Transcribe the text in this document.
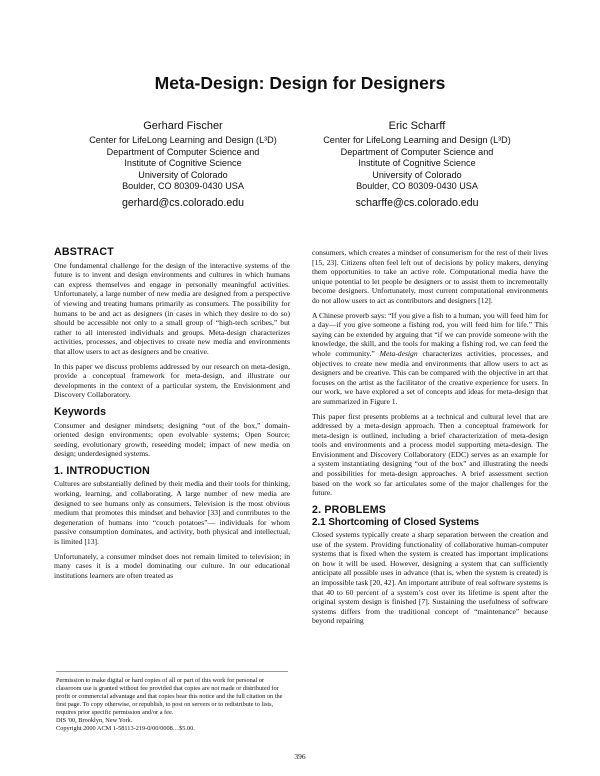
Meta-Design: Design for Designers
Gerhard Fischer
Center for LifeLong Learning and Design (L³D)
Department of Computer Science and
Institute of Cognitive Science
University of Colorado
Boulder, CO 80309-0430 USA
gerhard@cs.colorado.edu
Eric Scharff
Center for LifeLong Learning and Design (L³D)
Department of Computer Science and
Institute of Cognitive Science
University of Colorado
Boulder, CO 80309-0430 USA
scharffe@cs.colorado.edu
ABSTRACT

One fundamental challenge for the design of the interactive systems of the future is to invent and design environments and cultures in which humans can express themselves and engage in personally meaningful activities. Unfortunately, a large number of new media are designed from a perspective of viewing and treating humans primarily as consumers. The possibility for humans to be and act as designers (in cases in which they desire to do so) should be accessible not only to a small group of “high-tech scribes,” but rather to all interested individuals and groups. Meta-design characterizes activities, processes, and objectives to create new media and environments that allow users to act as designers and be creative.

In this paper we discuss problems addressed by our research on meta-design, provide a conceptual framework for meta-design, and illustrate our developments in the context of a particular system, the Envisionment and Discovery Collaboratory.

Keywords

Consumer and designer mindsets; designing “out of the box,” domain-oriented design environments; open evolvable systems; Open Source; seeding, evolutionary growth, reseeding model; impact of new media on design; underdesigned systems.

1. INTRODUCTION

Cultures are substantially defined by their media and their tools for thinking, working, learning, and collaborating. A large number of new media are designed to see humans only as consumers. Television is the most obvious medium that promotes this mindset and behavior [33] and contributes to the degeneration of humans into “couch potatoes”— individuals for whom passive consumption dominates, and activity, both physical and intellectual, is limited [13].

Unfortunately, a consumer mindset does not remain limited to television; in many cases it is a model dominating our culture. In our educational institutions learners are often treated as

Permission to make digital or hard copies of all or part of this work for personal or classroom use is granted without fee provided that copies are not made or distributed for profit or commercial advantage and that copies bear this notice and the full citation on the first page. To copy otherwise, or republish, to post on servers or to redistribute to lists, requires prior specific permission and/or a fee.

DIS '00, Brooklyn, New York.

Copyright 2000 ACM 1-58113-219-0/00/0008…$5.00.

consumers, which creates a mindset of consumerism for the rest of their lives [15, 23]. Citizens often feel left out of decisions by policy makers, denying them opportunities to take an active role. Computational media have the unique potential to let people be designers or to assist them to incrementally become designers. Unfortunately, most current computational environments do not allow users to act as contributors and designers [12].

A Chinese proverb says: “If you give a fish to a human, you will feed him for a day—if you give someone a fishing rod, you will feed him for life.” This saying can be extended by arguing that “if we can provide someone with the knowledge, the skill, and the tools for making a fishing rod, we can feed the whole community.” Meta-design characterizes activities, processes, and objectives to create new media and environments that allow users to act as designers and be creative. This can be compared with the objective in art that focuses on the artist as the facilitator of the creative experience for users. In our work, we have explored a set of concepts and ideas for meta-design that are summarized in Figure 1.

This paper first presents problems at a technical and cultural level that are addressed by a meta-design approach. Then a conceptual framework for meta-design is outlined, including a brief characterization of meta-design tools and environments and a process model supporting meta-design. The Envisionment and Discovery Collaboratory (EDC) serves as an example for a system instantiating designing “out of the box” and illustrating the needs and possibilities for meta-design approaches. A brief assessment section based on the work so far articulates some of the major challenges for the future.

2. PROBLEMS
2.1 Shortcoming of Closed Systems

Closed systems typically create a sharp separation between the creation and use of the system. Providing functionality of collaborative human-computer systems that is fixed when the system is created has important implications on how it will be used. However, designing a system that can sufficiently anticipate all possible uses in advance (that is, when the system is created) is an impossible task [20, 42]. An important attribute of real software systems is that 40 to 60 percent of a system’s cost over its lifetime is spent after the original system design is finished [7]. Sustaining the usefulness of software systems differs from the traditional concept of “maintenance” because beyond repairing

396
